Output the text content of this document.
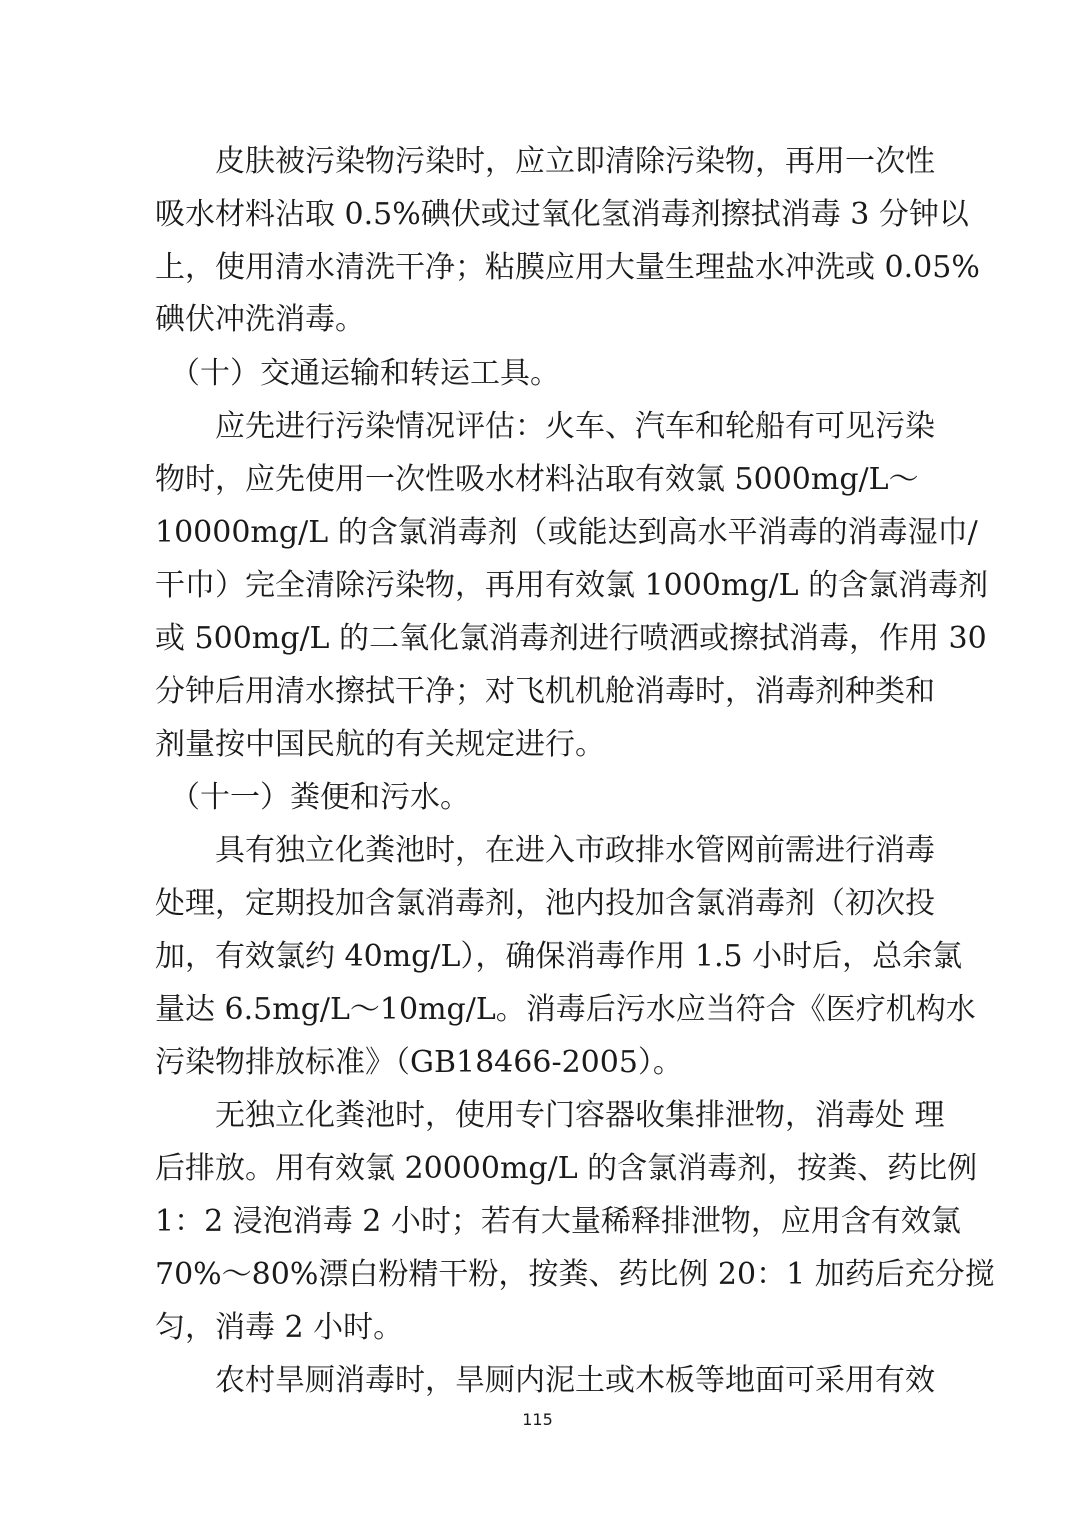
　　皮肤被污染物污染时，应立即清除污染物，再用一次性
吸水材料沾取 0.5%碘伏或过氧化氢消毒剂擦拭消毒 3 分钟以
上，使用清水清洗干净；粘膜应用大量生理盐水冲洗或 0.05%
碘伏冲洗消毒。
　（十）交通运输和转运工具。
　　应先进行污染情况评估：火车、汽车和轮船有可见污染
物时，应先使用一次性吸水材料沾取有效氯 5000mg/L～
10000mg/L 的含氯消毒剂（或能达到高水平消毒的消毒湿巾/
干巾）完全清除污染物，再用有效氯 1000mg/L 的含氯消毒剂
或 500mg/L 的二氧化氯消毒剂进行喷洒或擦拭消毒，作用 30
分钟后用清水擦拭干净；对飞机机舱消毒时，消毒剂种类和
剂量按中国民航的有关规定进行。
　（十一）粪便和污水。
　　具有独立化粪池时，在进入市政排水管网前需进行消毒
处理，定期投加含氯消毒剂，池内投加含氯消毒剂（初次投
加，有效氯约 40mg/L），确保消毒作用 1.5 小时后，总余氯
量达 6.5mg/L～10mg/L。消毒后污水应当符合《医疗机构水
污染物排放标准》（GB18466-2005）。
　　无独立化粪池时，使用专门容器收集排泄物，消毒处 理
后排放。用有效氯 20000mg/L 的含氯消毒剂，按粪、药比例
1：2 浸泡消毒 2 小时；若有大量稀释排泄物，应用含有效氯
70%～80%漂白粉精干粉，按粪、药比例 20：1 加药后充分搅
匀，消毒 2 小时。
　　农村旱厕消毒时，旱厕内泥土或木板等地面可采用有效
115
